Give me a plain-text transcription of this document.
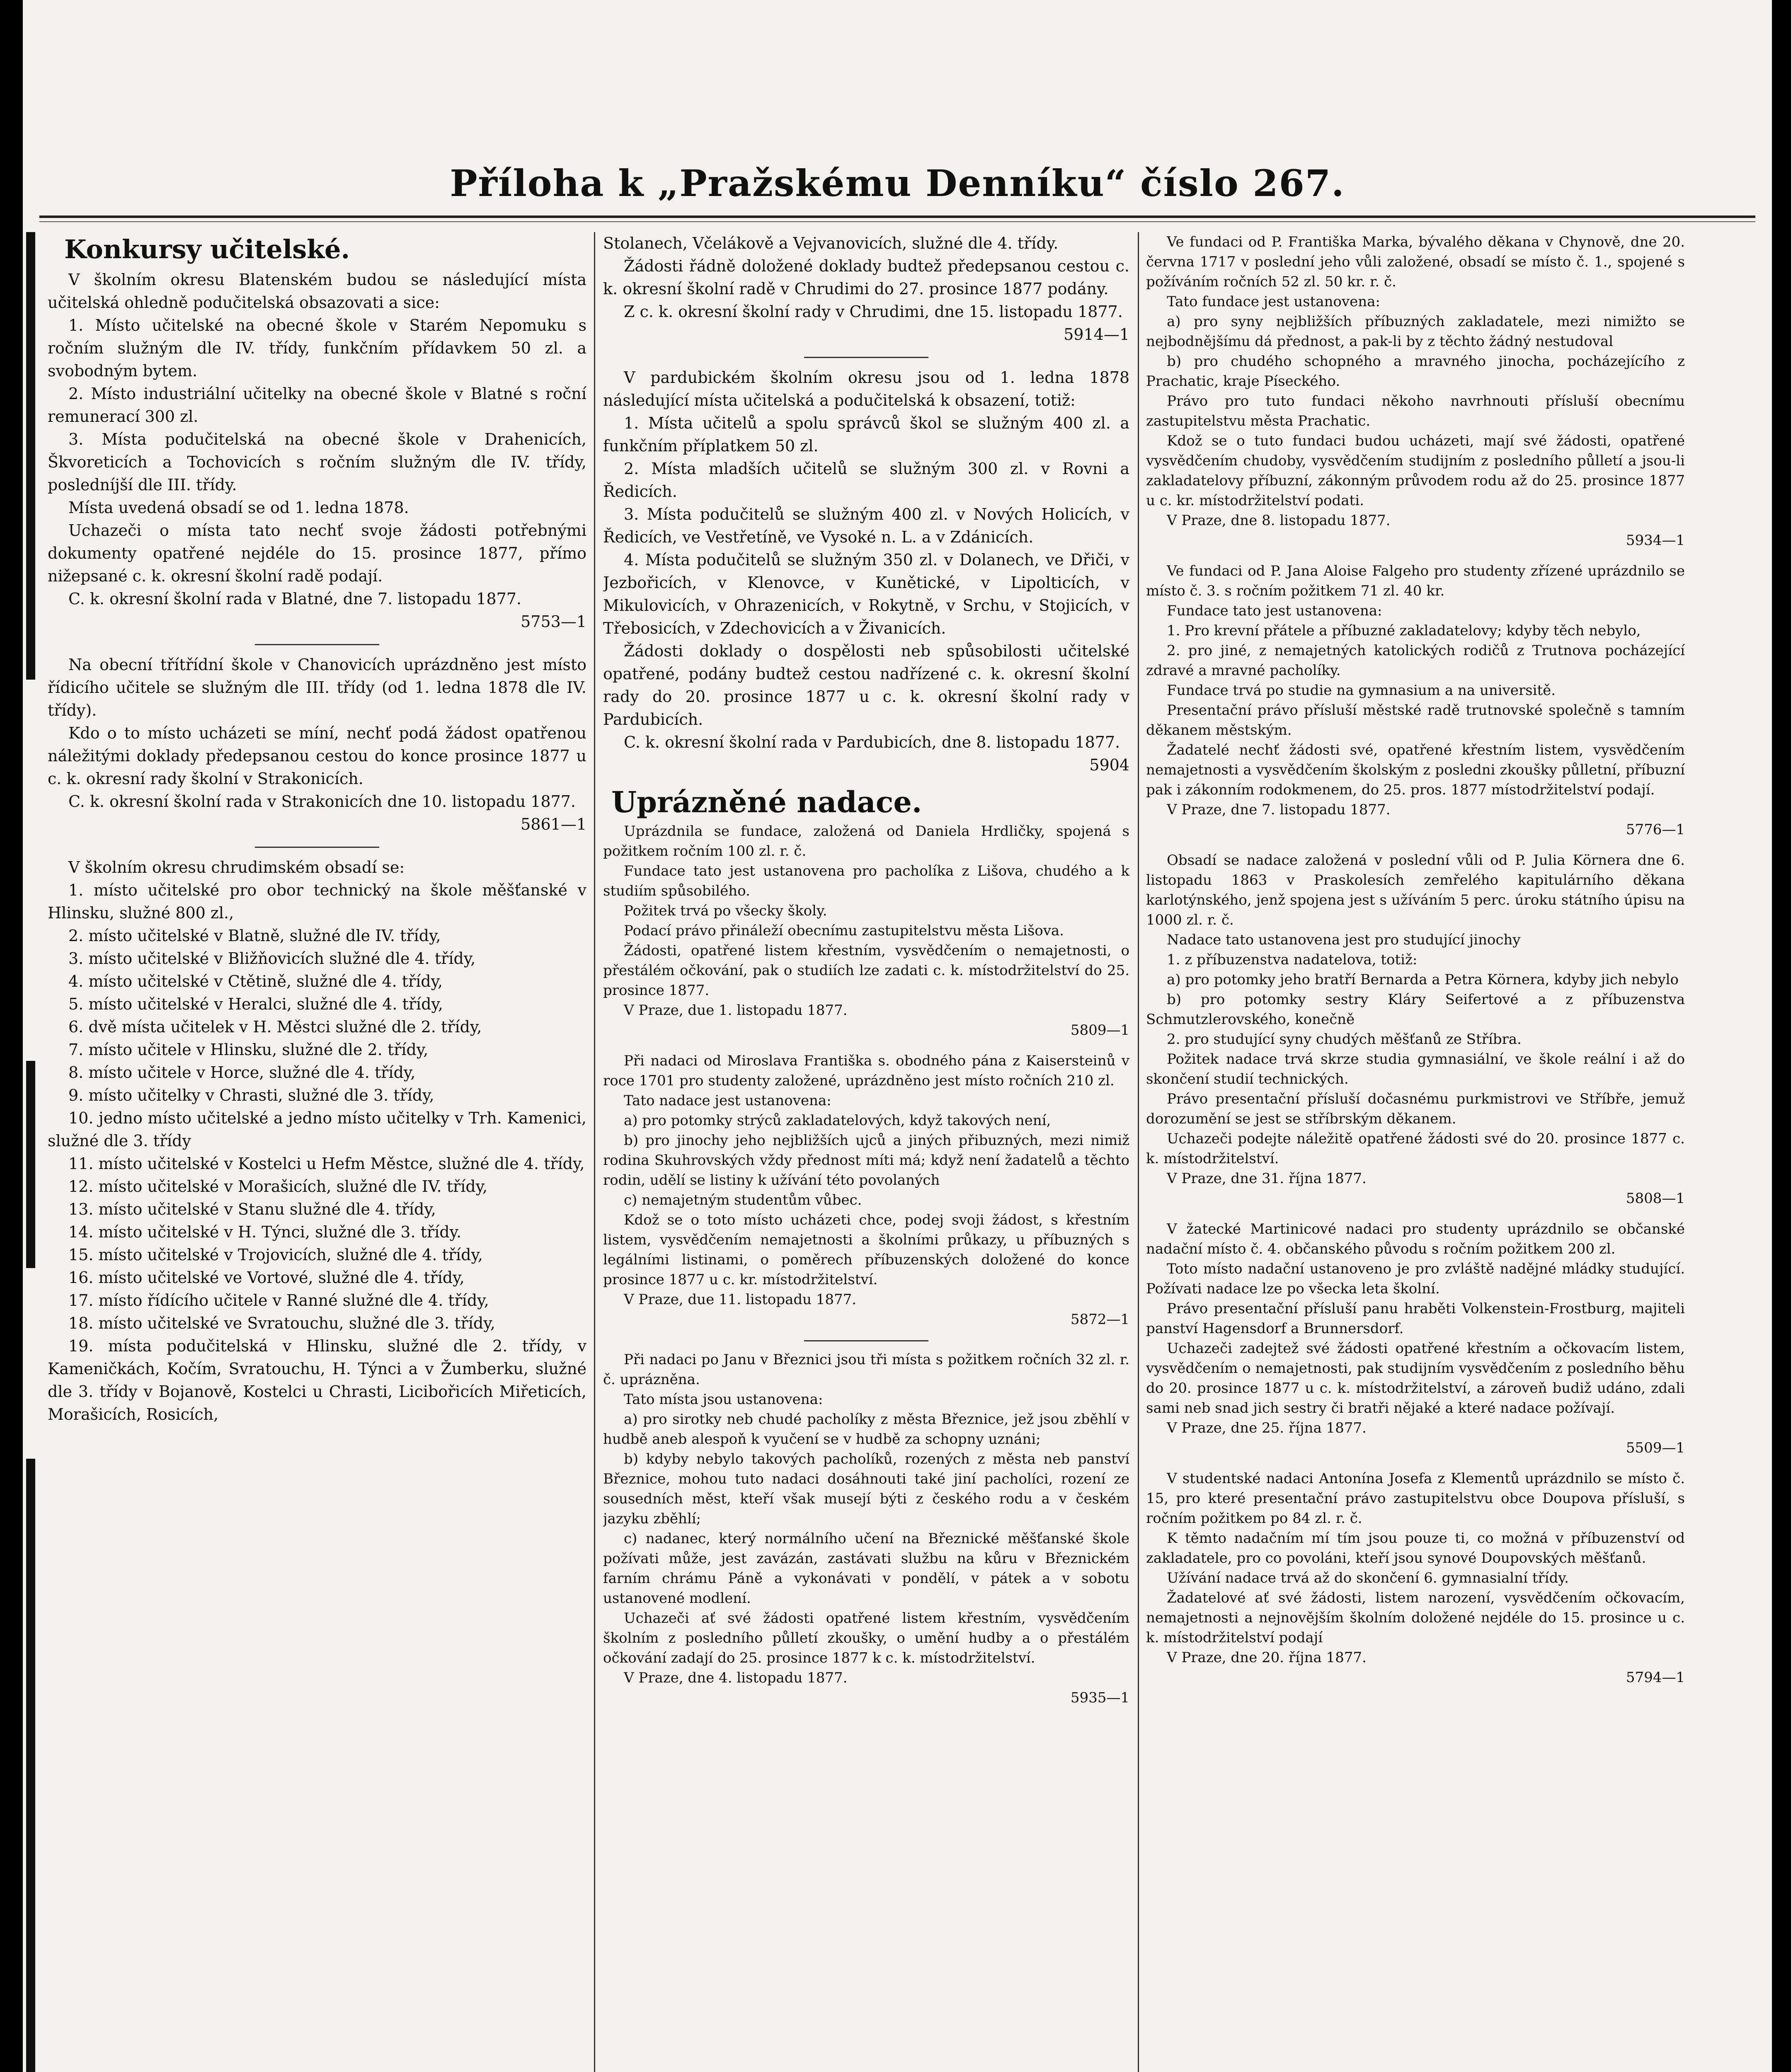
Příloha k „Pražskému Denníku“ číslo 267.
Konkursy učitelské.

V školním okresu Blatenském budou se následující místa učitelská ohledně podučitelská obsazovati a sice:

1. Místo učitelské na obecné škole v Starém Nepomuku s ročním služným dle IV. třídy, funkčním přídavkem 50 zl. a svobodným bytem.

2. Místo industriální učitelky na obecné škole v Blatné s roční remunerací 300 zl.

3. Místa podučitelská na obecné škole v Drahenicích, Škvoreticích a Tochovicích s ročním služným dle IV. třídy, posledníjší dle III. třídy.

Místa uvedená obsadí se od 1. ledna 1878.

Uchazeči o místa tato nechť svoje žádosti potřebnými dokumenty opatřené nejdéle do 15. prosince 1877, přímo nižepsané c. k. okresní školní radě podají.

C. k. okresní školní rada v Blatné, dne 7. listopadu 1877.

5753—1

Na obecní třítřídní škole v Chanovicích uprázdněno jest místo řídicího učitele se služným dle III. třídy (od 1. ledna 1878 dle IV. třídy).

Kdo o to místo ucházeti se míní, nechť podá žádost opatřenou náležitými doklady předepsanou cestou do konce prosince 1877 u c. k. okresní rady školní v Strakonicích.

C. k. okresní školní rada v Strakonicích dne 10. listopadu 1877.

5861—1

V školním okresu chrudimském obsadí se:

1. místo učitelské pro obor technický na škole měšťanské v Hlinsku, služné 800 zl.,

2. místo učitelské v Blatně, služné dle IV. třídy,

3. místo učitelské v Bližňovicích služné dle 4. třídy,

4. místo učitelské v Ctětině, služné dle 4. třídy,

5. místo učitelské v Heralci, služné dle 4. třídy,

6. dvě místa učitelek v H. Městci služné dle 2. třídy,

7. místo učitele v Hlinsku, služné dle 2. třídy,

8. místo učitele v Horce, služné dle 4. třídy,

9. místo učitelky v Chrasti, služné dle 3. třídy,

10. jedno místo učitelské a jedno místo učitelky v Trh. Kamenici, služné dle 3. třídy

11. místo učitelské v Kostelci u Hefm Městce, služné dle 4. třídy,

12. místo učitelské v Morašicích, služné dle IV. třídy,

13. místo učitelské v Stanu služné dle 4. třídy,

14. místo učitelské v H. Týnci, služné dle 3. třídy.

15. místo učitelské v Trojovicích, služné dle 4. třídy,

16. místo učitelské ve Vortové, služné dle 4. třídy,

17. místo řídícího učitele v Ranné služné dle 4. třídy,

18. místo učitelské ve Svratouchu, služné dle 3. třídy,

19. místa podučitelská v Hlinsku, služné dle 2. třídy, v Kameničkách, Kočím, Svratouchu, H. Týnci a v Žumberku, služné dle 3. třídy v Bojanově, Kostelci u Chrasti, Licibořicích Miřeticích, Morašicích, Rosicích,

Stolanech, Včelákově a Vejvanovicích, služné dle 4. třídy.

Žádosti řádně doložené doklady budtež předepsanou cestou c. k. okresní školní radě v Chrudimi do 27. prosince 1877 podány.

Z c. k. okresní školní rady v Chrudimi, dne 15. listopadu 1877.

5914—1

V pardubickém školním okresu jsou od 1. ledna 1878 následující místa učitelská a podučitelská k obsazení, totiž:

1. Místa učitelů a spolu správců škol se služným 400 zl. a funkčním příplatkem 50 zl.

2. Místa mladších učitelů se služným 300 zl. v Rovni a Ředicích.

3. Místa podučitelů se služným 400 zl. v Nových Holicích, v Ředicích, ve Vestřetíně, ve Vysoké n. L. a v Zdánicích.

4. Místa podučitelů se služným 350 zl. v Dolanech, ve Dřiči, v Jezbořicích, v Klenovce, v Kunětické, v Lipolticích, v Mikulovicích, v Ohrazenicích, v Rokytně, v Srchu, v Stojicích, v Třebosicích, v Zdechovicích a v Živanicích.

Žádosti doklady o dospělosti neb spůsobilosti učitelské opatřené, podány budtež cestou nadřízené c. k. okresní školní rady do 20. prosince 1877 u c. k. okresní školní rady v Pardubicích.

C. k. okresní školní rada v Pardubicích, dne 8. listopadu 1877.

5904

Uprázněné nadace.

Uprázdnila se fundace, založená od Daniela Hrdličky, spojená s požitkem ročním 100 zl. r. č.

Fundace tato jest ustanovena pro pacholíka z Lišova, chudého a k studiím spůsobilého.

Požitek trvá po všecky školy.

Podací právo přináleží obecnímu zastupitelstvu města Lišova.

Žádosti, opatřené listem křestním, vysvědčením o nemajetnosti, o přestálém očkování, pak o studiích lze zadati c. k. místodržitelství do 25. prosince 1877.

V Praze, due 1. listopadu 1877.

5809—1

Při nadaci od Miroslava Františka s. obodného pána z Kaisersteinů v roce 1701 pro studenty založené, uprázdněno jest místo ročních 210 zl.

Tato nadace jest ustanovena:

a) pro potomky strýců zakladatelových, když takových není,

b) pro jinochy jeho nejbližších ujců a jiných přibuzných, mezi nimiž rodina Skuhrovských vždy přednost míti má; když není žadatelů a těchto rodin, udělí se listiny k užívání této povolaných

c) nemajetným studentům vůbec.

Kdož se o toto místo ucházeti chce, podej svoji žádost, s křestním listem, vysvědčením nemajetnosti a školními průkazy, u příbuzných s legálními listinami, o poměrech příbuzenských doložené do konce prosince 1877 u c. kr. místodržitelství.

V Praze, due 11. listopadu 1877.

5872—1

Při nadaci po Janu v Březnici jsou tři místa s požitkem ročních 32 zl. r. č. uprázněna.

Tato místa jsou ustanovena:

a) pro sirotky neb chudé pacholíky z města Březnice, jež jsou zběhlí v hudbě aneb alespoň k vyučení se v hudbě za schopny uznáni;

b) kdyby nebylo takových pacholíků, rozených z města neb panství Březnice, mohou tuto nadaci dosáhnouti také jiní pacholíci, rození ze sousedních měst, kteří však musejí býti z českého rodu a v českém jazyku zběhlí;

c) nadanec, který normálního učení na Březnické měšťanské škole požívati může, jest zavázán, zastávati službu na kůru v Březnickém farním chrámu Páně a vykonávati v pondělí, v pátek a v sobotu ustanovené modlení.

Uchazeči ať své žádosti opatřené listem křestním, vysvědčením školním z posledního půlletí zkoušky, o umění hudby a o přestálém očkování zadají do 25. prosince 1877 k c. k. místodržitelství.

V Praze, dne 4. listopadu 1877.

5935—1

Ve fundaci od P. Františka Marka, bývalého děkana v Chynově, dne 20. června 1717 v poslední jeho vůli založené, obsadí se místo č. 1., spojené s požíváním ročních 52 zl. 50 kr. r. č.

Tato fundace jest ustanovena:

a) pro syny nejbližších příbuzných zakladatele, mezi nimižto se nejbodnějšímu dá přednost, a pak-li by z těchto žádný nestudoval

b) pro chudého schopného a mravného jinocha, pocházejícího z Prachatic, kraje Píseckého.

Právo pro tuto fundaci někoho navrhnouti přísluší obecnímu zastupitelstvu města Prachatic.

Kdož se o tuto fundaci budou ucházeti, mají své žádosti, opatřené vysvědčením chudoby, vysvědčením studijním z posledního půlletí a jsou-li zakladatelovy příbuzní, zákonným průvodem rodu až do 25. prosince 1877 u c. kr. místodržitelství podati.

V Praze, dne 8. listopadu 1877.

5934—1

Ve fundaci od P. Jana Aloise Falgeho pro studenty zřízené uprázdnilo se místo č. 3. s ročním požitkem 71 zl. 40 kr.

Fundace tato jest ustanovena:

1. Pro krevní přátele a příbuzné zakladatelovy; kdyby těch nebylo,

2. pro jiné, z nemajetných katolických rodičů z Trutnova pocházející zdravé a mravné pacholíky.

Fundace trvá po studie na gymnasium a na universitě.

Presentační právo přísluší městské radě trutnovské společně s tamním děkanem městským.

Žadatelé nechť žádosti své, opatřené křestním listem, vysvědčením nemajetnosti a vysvědčením školským z posledni zkoušky půlletní, příbuzní pak i zákonním rodokmenem, do 25. pros. 1877 místodržitelství podají.

V Praze, dne 7. listopadu 1877.

5776—1

Obsadí se nadace založená v poslední vůli od P. Julia Körnera dne 6. listopadu 1863 v Praskolesích zemřelého kapitulárního děkana karlotýnského, jenž spojena jest s užíváním 5 perc. úroku státního úpisu na 1000 zl. r. č.

Nadace tato ustanovena jest pro studující jinochy

1. z příbuzenstva nadatelova, totiž:

a) pro potomky jeho bratří Bernarda a Petra Körnera, kdyby jich nebylo

b) pro potomky sestry Kláry Seifertové a z příbuzenstva Schmutzlerovského, konečně

2. pro studující syny chudých měšťanů ze Stříbra.

Požitek nadace trvá skrze studia gymnasiální, ve škole reální i až do skončení studií technických.

Právo presentační přísluší dočasnému purkmistrovi ve Stříbře, jemuž dorozumění se jest se stříbrským děkanem.

Uchazeči podejte náležitě opatřené žádosti své do 20. prosince 1877 c. k. místodržitelství.

V Praze, dne 31. října 1877.

5808—1

V žatecké Martinicové nadaci pro studenty uprázdnilo se občanské nadační místo č. 4. občanského původu s ročním požitkem 200 zl.

Toto místo nadační ustanoveno je pro zvláště nadějné mládky studující. Požívati nadace lze po všecka leta školní.

Právo presentační přísluší panu hraběti Volkenstein-Frostburg, majiteli panství Hagensdorf a Brunnersdorf.

Uchazeči zadejtež své žádosti opatřené křestním a očkovacím listem, vysvědčením o nemajetnosti, pak studijním vysvědčením z posledního běhu do 20. prosince 1877 u c. k. místodržitelství, a zároveň budiž udáno, zdali sami neb snad jich sestry či bratři nějaké a které nadace požívají.

V Praze, dne 25. října 1877.

5509—1

V studentské nadaci Antonína Josefa z Klementů uprázdnilo se místo č. 15, pro které presentační právo zastupitelstvu obce Doupova přísluší, s ročním požitkem po 84 zl. r. č.

K těmto nadačním mí tím jsou pouze ti, co možná v příbuzenství od zakladatele, pro co povoláni, kteří jsou synové Doupovských měšťanů.

Užívání nadace trvá až do skončení 6. gymnasialní třídy.

Žadatelové ať své žádosti, listem narození, vysvědčením očkovacím, nemajetnosti a nejnovějším školním doložené nejdéle do 15. prosince u c. k. místodržitelství podají

V Praze, dne 20. října 1877.

5794—1
